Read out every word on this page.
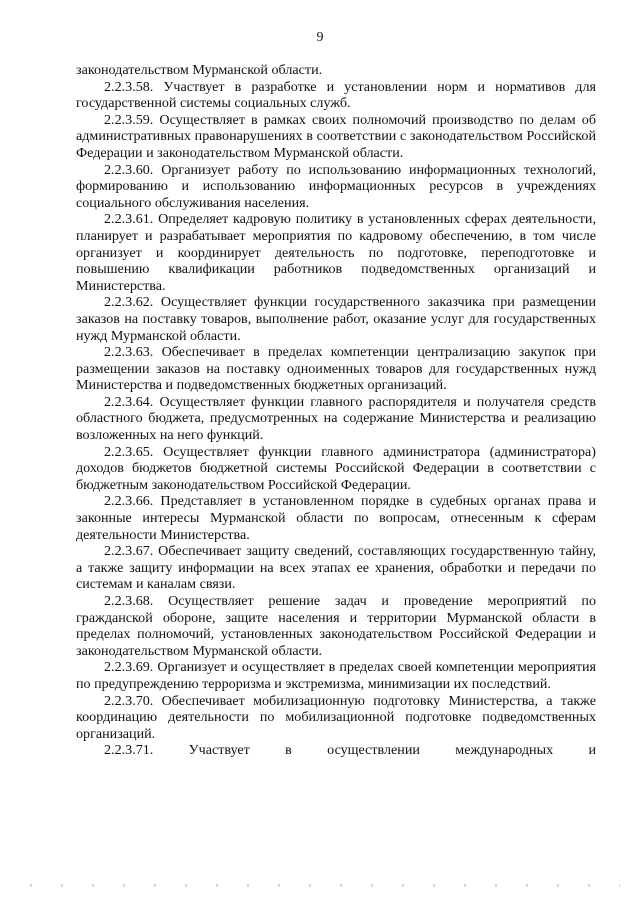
9

законодательством Мурманской области.

2.2.3.58. Участвует в разработке и установлении норм и нормативов для государственной системы социальных служб.

2.2.3.59. Осуществляет в рамках своих полномочий производство по делам об административных правонарушениях в соответствии с законодательством Российской Федерации и законодательством Мурманской области.

2.2.3.60. Организует работу по использованию информационных технологий, формированию и использованию информационных ресурсов в учреждениях социального обслуживания населения.

2.2.3.61. Определяет кадровую политику в установленных сферах деятельности, планирует и разрабатывает мероприятия по кадровому обеспечению, в том числе организует и координирует деятельность по подготовке, переподготовке и повышению квалификации работников подведомственных организаций и Министерства.

2.2.3.62. Осуществляет функции государственного заказчика при размещении заказов на поставку товаров, выполнение работ, оказание услуг для государственных нужд Мурманской области.

2.2.3.63. Обеспечивает в пределах компетенции централизацию закупок при размещении заказов на поставку одноименных товаров для государственных нужд Министерства и подведомственных бюджетных организаций.

2.2.3.64. Осуществляет функции главного распорядителя и получателя средств областного бюджета, предусмотренных на содержание Министерства и реализацию возложенных на него функций.

2.2.3.65. Осуществляет функции главного администратора (администратора) доходов бюджетов бюджетной системы Российской Федерации в соответствии с бюджетным законодательством Российской Федерации.

2.2.3.66. Представляет в установленном порядке в судебных органах права и законные интересы Мурманской области по вопросам, отнесенным к сферам деятельности Министерства.

2.2.3.67. Обеспечивает защиту сведений, составляющих государственную тайну, а также защиту информации на всех этапах ее хранения, обработки и передачи по системам и каналам связи.

2.2.3.68. Осуществляет решение задач и проведение мероприятий по гражданской обороне, защите населения и территории Мурманской области в пределах полномочий, установленных законодательством Российской Федерации и законодательством Мурманской области.

2.2.3.69. Организует и осуществляет в пределах своей компетенции мероприятия по предупреждению терроризма и экстремизма, минимизации их последствий.

2.2.3.70. Обеспечивает мобилизационную подготовку Министерства, а также координацию деятельности по мобилизационной подготовке подведомственных организаций.

2.2.3.71. Участвует в осуществлении международных и
